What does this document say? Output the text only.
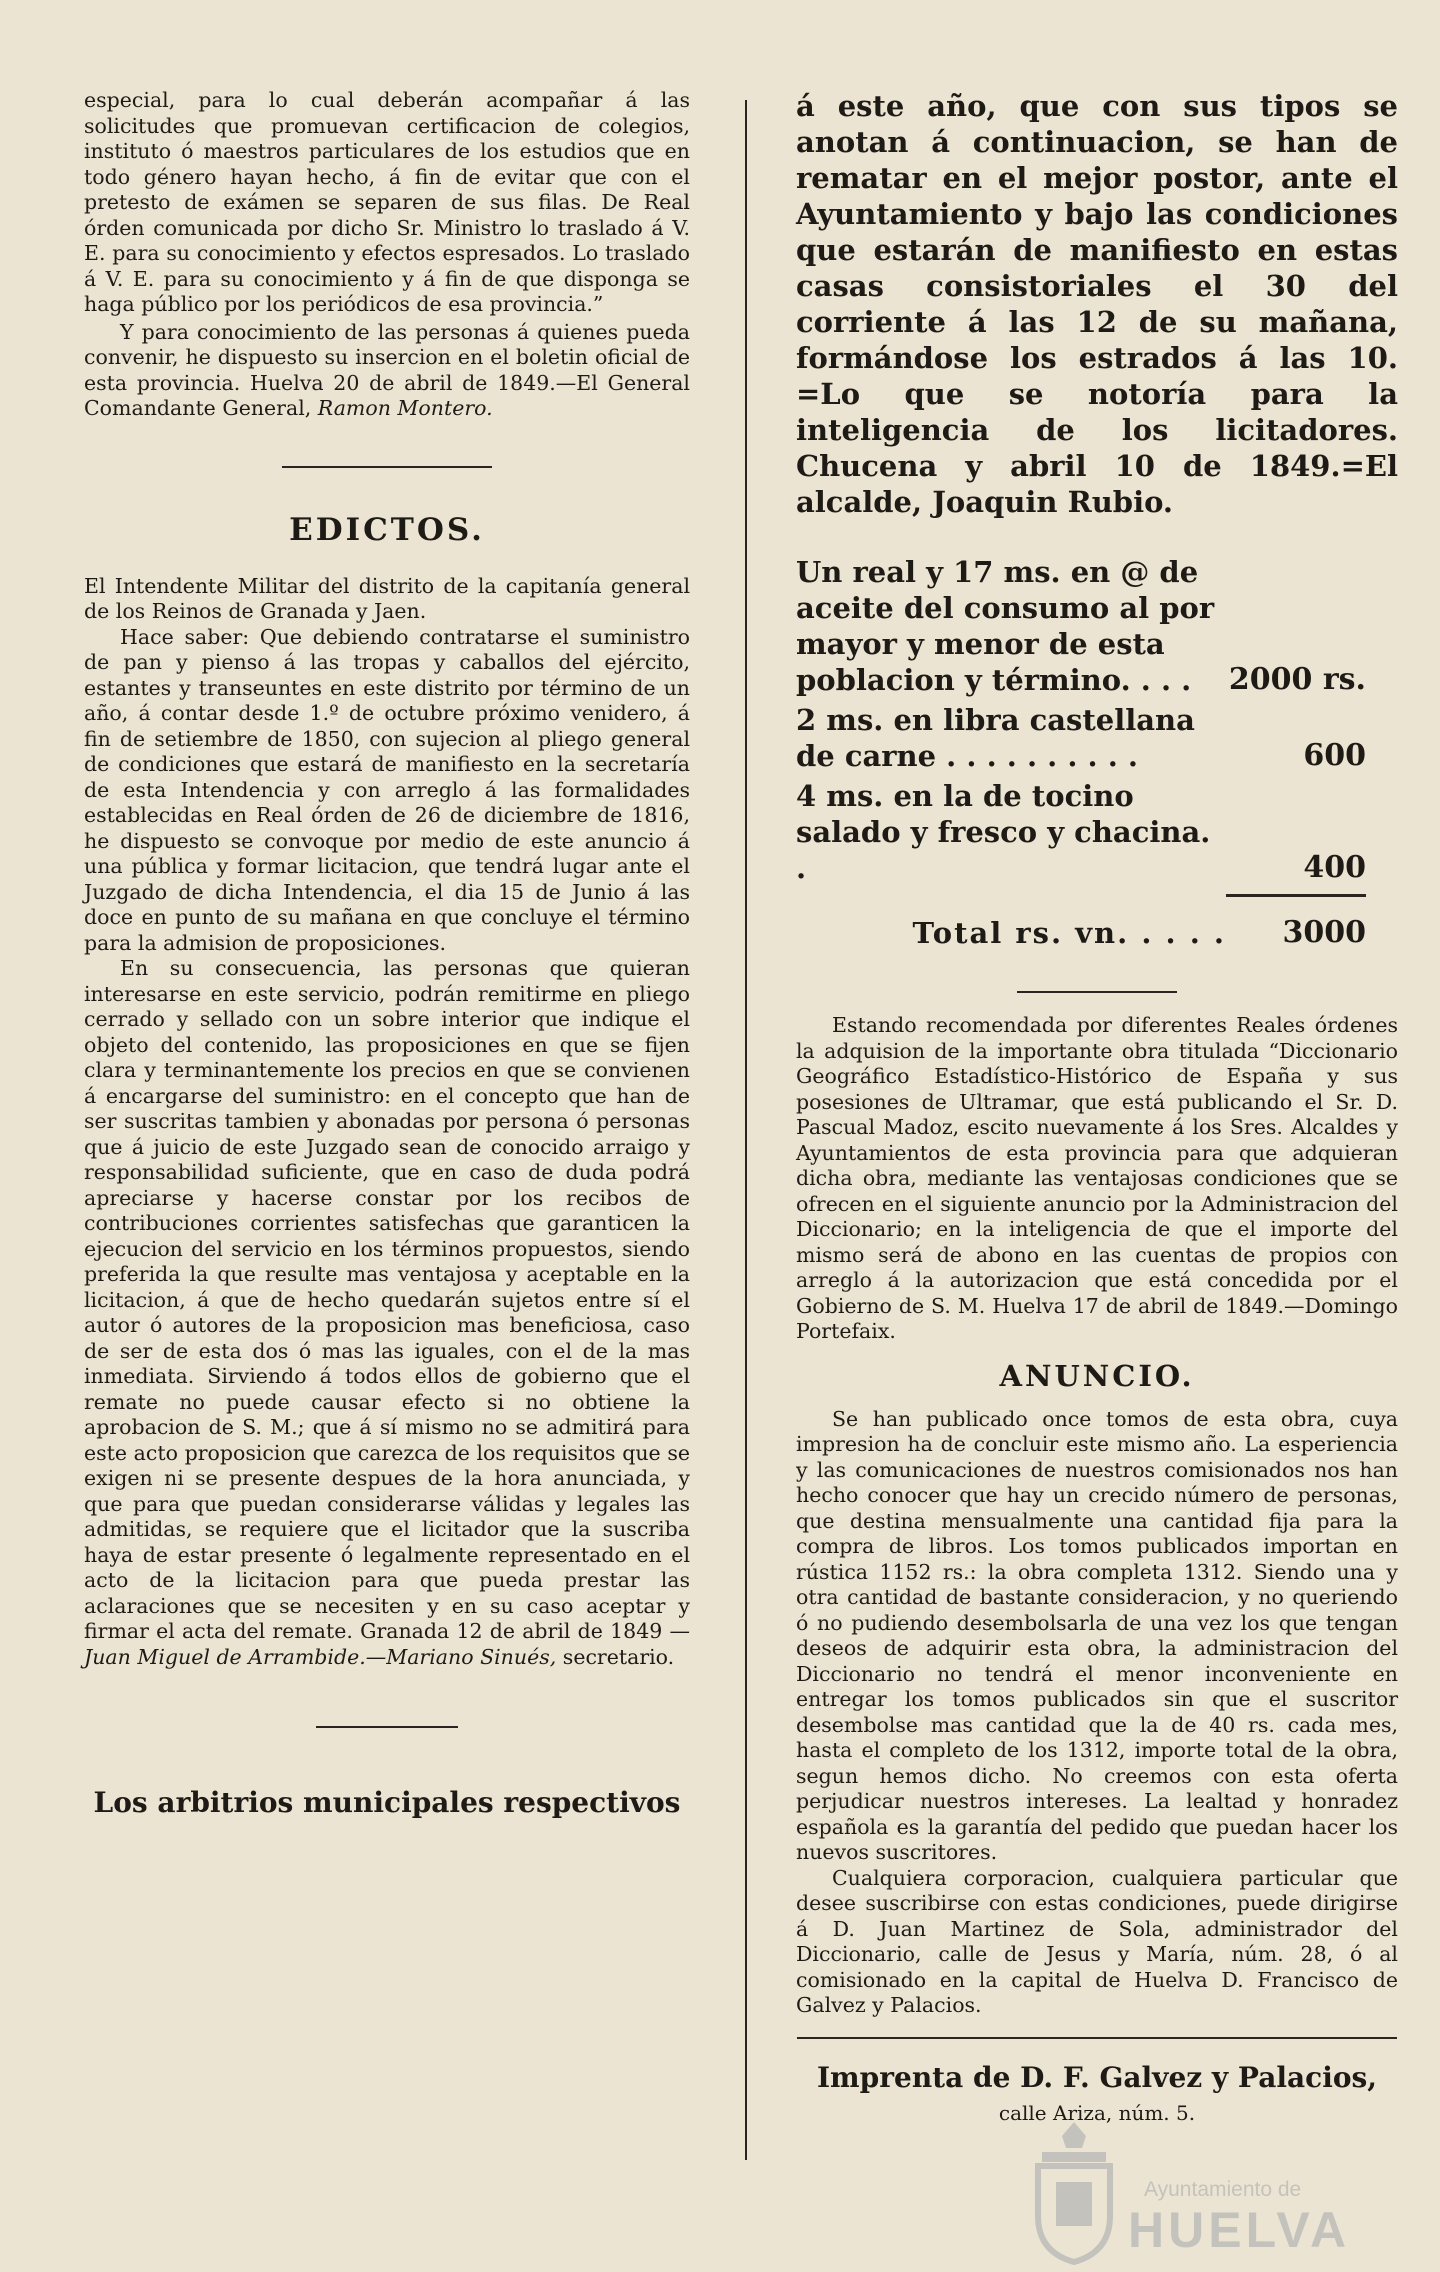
especial, para lo cual deberán acompañar á las solicitudes que promuevan certificacion de colegios, instituto ó maestros particulares de los estudios que en todo género hayan hecho, á fin de evitar que con el pretesto de exámen se separen de sus filas. De Real órden comunicada por dicho Sr. Ministro lo traslado á V. E. para su conocimiento y efectos espresados. Lo traslado á V. E. para su conocimiento y á fin de que disponga se haga público por los periódicos de esa provincia.”

Y para conocimiento de las personas á quienes pueda convenir, he dispuesto su insercion en el boletin oficial de esta provincia. Huelva 20 de abril de 1849.—El General Comandante General, Ramon Montero.

EDICTOS.

El Intendente Militar del distrito de la capitanía general de los Reinos de Granada y Jaen.

Hace saber: Que debiendo contratarse el suministro de pan y pienso á las tropas y caballos del ejército, estantes y transeuntes en este distrito por término de un año, á contar desde 1.º de octubre próximo venidero, á fin de setiembre de 1850, con sujecion al pliego general de condiciones que estará de manifiesto en la secretaría de esta Intendencia y con arreglo á las formalidades establecidas en Real órden de 26 de diciembre de 1816, he dispuesto se convoque por medio de este anuncio á una pública y formar licitacion, que tendrá lugar ante el Juzgado de dicha Intendencia, el dia 15 de Junio á las doce en punto de su mañana en que concluye el término para la admision de proposiciones.

En su consecuencia, las personas que quieran interesarse en este servicio, podrán remitirme en pliego cerrado y sellado con un sobre interior que indique el objeto del contenido, las proposiciones en que se fijen clara y terminantemente los precios en que se convienen á encargarse del suministro: en el concepto que han de ser suscritas tambien y abonadas por persona ó personas que á juicio de este Juzgado sean de conocido arraigo y responsabilidad suficiente, que en caso de duda podrá apreciarse y hacerse constar por los recibos de contribuciones corrientes satisfechas que garanticen la ejecucion del servicio en los términos propuestos, siendo preferida la que resulte mas ventajosa y aceptable en la licitacion, á que de hecho quedarán sujetos entre sí el autor ó autores de la proposicion mas beneficiosa, caso de ser de esta dos ó mas las iguales, con el de la mas inmediata. Sirviendo á todos ellos de gobierno que el remate no puede causar efecto si no obtiene la aprobacion de S. M.; que á sí mismo no se admitirá para este acto proposicion que carezca de los requisitos que se exigen ni se presente despues de la hora anunciada, y que para que puedan considerarse válidas y legales las admitidas, se requiere que el licitador que la suscriba haya de estar presente ó legalmente representado en el acto de la licitacion para que pueda prestar las aclaraciones que se necesiten y en su caso aceptar y firmar el acta del remate. Granada 12 de abril de 1849 —Juan Miguel de Arrambide.—Mariano Sinués, secretario.

Los arbitrios municipales respectivos

á este año, que con sus tipos se anotan á continuacion, se han de rematar en el mejor postor, ante el Ayuntamiento y bajo las condiciones que estarán de manifiesto en estas casas consistoriales el 30 del corriente á las 12 de su mañana, formándose los estrados á las 10. =Lo que se notoría para la inteligencia de los licitadores. Chucena y abril 10 de 1849.=El alcalde, Joaquin Rubio.

Un real y 17 ms. en @ de aceite del consumo al por mayor y menor de esta poblacion y término. . . .	2000 rs.
2 ms. en libra castellana de carne . . . . . . . . . .	600
4 ms. en la de tocino salado y fresco y chacina. .	400
Total rs. vn. . . . .	3000

Estando recomendada por diferentes Reales órdenes la adquision de la importante obra titulada “Diccionario Geográfico Estadístico-Histórico de España y sus posesiones de Ultramar, que está publicando el Sr. D. Pascual Madoz, escito nuevamente á los Sres. Alcaldes y Ayuntamientos de esta provincia para que adquieran dicha obra, mediante las ventajosas condiciones que se ofrecen en el siguiente anuncio por la Administracion del Diccionario; en la inteligencia de que el importe del mismo será de abono en las cuentas de propios con arreglo á la autorizacion que está concedida por el Gobierno de S. M. Huelva 17 de abril de 1849.—Domingo Portefaix.

ANUNCIO.

Se han publicado once tomos de esta obra, cuya impresion ha de concluir este mismo año. La esperiencia y las comunicaciones de nuestros comisionados nos han hecho conocer que hay un crecido número de personas, que destina mensualmente una cantidad fija para la compra de libros. Los tomos publicados importan en rústica 1152 rs.: la obra completa 1312. Siendo una y otra cantidad de bastante consideracion, y no queriendo ó no pudiendo desembolsarla de una vez los que tengan deseos de adquirir esta obra, la administracion del Diccionario no tendrá el menor inconveniente en entregar los tomos publicados sin que el suscritor desembolse mas cantidad que la de 40 rs. cada mes, hasta el completo de los 1312, importe total de la obra, segun hemos dicho. No creemos con esta oferta perjudicar nuestros intereses. La lealtad y honradez española es la garantía del pedido que puedan hacer los nuevos suscritores.

Cualquiera corporacion, cualquiera particular que desee suscribirse con estas condiciones, puede dirigirse á D. Juan Martinez de Sola, administrador del Diccionario, calle de Jesus y María, núm. 28, ó al comisionado en la capital de Huelva D. Francisco de Galvez y Palacios.

Imprenta de D. F. Galvez y Palacios,
calle Ariza, núm. 5.
Ayuntamiento de
HUELVA
